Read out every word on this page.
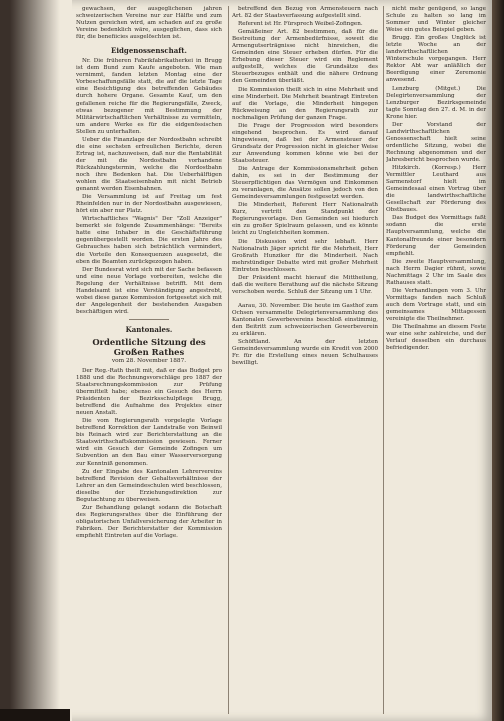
gewachsen, der ausgeglichenen jahren schweizerischen Vereine nur zur Hälfte und zum Nutzen gereichen wird, am schaden auf zu große Vereine bedenklich wäre, ausgeglichen, dass sich für, die benefiicies ausgelöschten ist.

Eidgenossenschaft.

Nr. Die früheren Fabrikfabrikatherkei in Brugg ist dem Bund zum Kaufe angeboten. Wie man vernimmt, fanden letzten Montag eine der Vorbeschaffungsfälle statt, die auf die letzte Tage eine Besichtigung des betreffenden Gebäudes durch hohere Organe. Gesamte Kauf, um den gefallenen reiche für die Regierungsfälle, Zweck, etwas bezogener mit Bestimmung der Militärwirtschaftlichen Verhältnisse zu vermitteln, um andere Werke es für die eidgenössischen Stellen zu unterhalten.

Ueber die Finanzlage der Nordostbahn schreibt die eine sechsten erfreulichen Berichte, deren Ertrag ist, nachzuweisen, daß nur die Rentabilität der mit die Nordostbahn vorhandene Rückzahlungstermin, welche die Nordostbahn noch ihre Bedenken hat. Die Ueberhälftigen wohlen die Staatseisenbahn mit nicht Betrieb genannt werden Eisenbahnen.

Die Versammlung ist auf Freitag um fest Rheinfelden nur in der Nordostbahn ausgewiesen, hört ein aber nur Platz.

Wirtschaftliches "Wagnis" Der "Zoll Anzeiger" bemerkt sie folgende Zusammenhänge: "Bereits hatte eine Inhaber in die Geschäftsführung gegenübergestellt worden. Die ersten Jahre des Gebrauches haben sich beträchtlich vermindert, die Vorteile den Konsequenzen ausgesetzt, die eben die Beamten zurückgezogen haben.

Der Bundesrat wird sich mit der Sache befassen und eine neue Vorlage vorbereiten, welche die Regelung der Verhältnisse betrifft. Mit dem Handelsamt ist eine Verständigung angestrebt, wobei diese ganze Kommission fortgesetzt sich mit der Angelegenheit der bestehenden Ausgaben beschäftigen wird.

Kantonales.
Ordentliche Sitzung des Großen Rathes
vom 28. November 1887.

Der Reg.-Rath theilt mit, daß er das Budget pro 1888 und die Rechnungsvorschläge pro 1887 der Staatsrechnungskommission zur Prüfung übermittelt habe; ebenso ein Gesuch des Herrn Präsidenten der Bezirksschulpflege Brugg, betreffend die Aufnahme des Projektes einer neuen Anstalt.

Die vom Regierungsrath vorgelegte Vorlage betreffend Korrektion der Landstraße von Beinwil bis Reinach wird zur Berichterstattung an die Staatswirthschaftskommission gewiesen. Ferner wird ein Gesuch der Gemeinde Zofingen um Subvention an den Bau einer Wasserversorgung zur Kenntniß genommen.

Zu der Eingabe des Kantonalen Lehrervereins betreffend Revision der Gehaltsverhältnisse der Lehrer an den Gemeindeschulen wird beschlossen, dieselbe der Erziehungsdirektion zur Begutachtung zu überweisen.

Zur Behandlung gelangt sodann die Botschaft des Regierungsrathes über die Einführung der obligatorischen Unfallversicherung der Arbeiter in Fabriken. Der Berichterstatter der Kommission empfiehlt Eintreten auf die Vorlage.

betreffend den Bezug von Armensteuern nach Art. 82 der Staatsverfassung aufgestellt sind.

Referent ist Hr. Fürsprech Weibel-Zofingen.

Gemäßeiner Art. 82 bestimmen, daß für die Bestreitung der Armenbedürfnisse, soweit die Armengutserträgnisse nicht hinreichen, die Gemeinden eine Steuer erheben dürfen. Für die Erhebung dieser Steuer wird ein Reglement aufgestellt, welches die Grundsätze des Steuerbezuges enthält und die nähere Ordnung den Gemeinden überläßt.

Die Kommission theilt sich in eine Mehrheit und eine Minderheit. Die Mehrheit beantragt Eintreten auf die Vorlage, die Minderheit hingegen Rückweisung an den Regierungsrath zur nochmaligen Prüfung der ganzen Frage.

Die Frage der Progression wird besonders eingehend besprochen. Es wird darauf hingewiesen, daß bei der Armensteuer der Grundsatz der Progression nicht in gleicher Weise zur Anwendung kommen könne wie bei der Staatssteuer.

Die Antrage der Kommissionsmehrheit gehen dahin, es sei in der Bestimmung der Steuerpflichtigen das Vermögen und Einkommen zu veranlagen, die Ansätze sollen jedoch von den Gemeindeversammlungen festgesetzt werden.

Die Minderheit, Referent Herr Nationalrath Kurz, vertritt den Standpunkt der Regierungsvorlage. Den Gemeinden sei hiedurch ein zu großer Spielraum gelassen, und es könnte leicht zu Ungleichheiten kommen.

Die Diskussion wird sehr lebhaft. Herr Nationalrath Jäger spricht für die Mehrheit, Herr Großrath Hunziker für die Minderheit. Nach mehrstündiger Debatte wird mit großer Mehrheit Eintreten beschlossen.

Der Präsident macht hierauf die Mittheilung, daß die weitere Berathung auf die nächste Sitzung verschoben werde. Schluß der Sitzung um 1 Uhr.

Aarau, 30. November. Die heute im Gasthof zum Ochsen versammelte Delegirtenversammlung des Kantonalen Gewerbevereins beschloß einstimmig, den Beitritt zum schweizerischen Gewerbeverein zu erklären.

Schöftland. An der letzten Gemeindeversammlung wurde ein Kredit von 2000 Fr. für die Erstellung eines neuen Schulhauses bewilligt.

nicht mehr genügend, so lange Schule zu halten so lang im Sommer und Winter gleicher Weise ein gutes Beispiel geben.

Brugg. Ein großes Unglück ist letzte Woche an der landwirthschaftlichen Winterschule vorgegangen. Herr Rektor Abt war anläßlich der Beerdigung einer Zeremonie anwesend.

Lenzburg (Mitget.) Die Delegirtenversammlung der Lenzburger Bezirksgemeinde tagte Sonntag den 27. d. M. in der Krone hier.

Der Vorstand der Landwirthschaftlichen Genossenschaft hielt seine ordentliche Sitzung, wobei die Rechnung abgenommen und der Jahresbericht besprochen wurde.

Hitzkirch. (Korresp.) Herr Vermittler Leuthard aus Sarmenstorf hielt im Gemeindesaal einen Vortrag über die landwirthschaftliche Gesellschaft zur Förderung des Obstbaues.

Das Budget des Vormittags faßt sodann die erste Hauptversammlung, welche die Kantonalfreunde einer besondern Förderung der Gemeinden empfiehlt.

Die zweite Hauptversammlung, nach Herrn Dagier rühmt, sowie Nachmittags 2 Uhr im Saale des Rathauses statt.

Die Verhandlungen vom 3. Uhr Vormittags fanden nach Schluß auch dem Vortrage statt, und ein gemeinsames Mittagessen vereinigte die Theilnehmer.

Die Theilnahme an diesem Feste war eine sehr zahlreiche, und der Verlauf desselben ein durchaus befriedigender.
